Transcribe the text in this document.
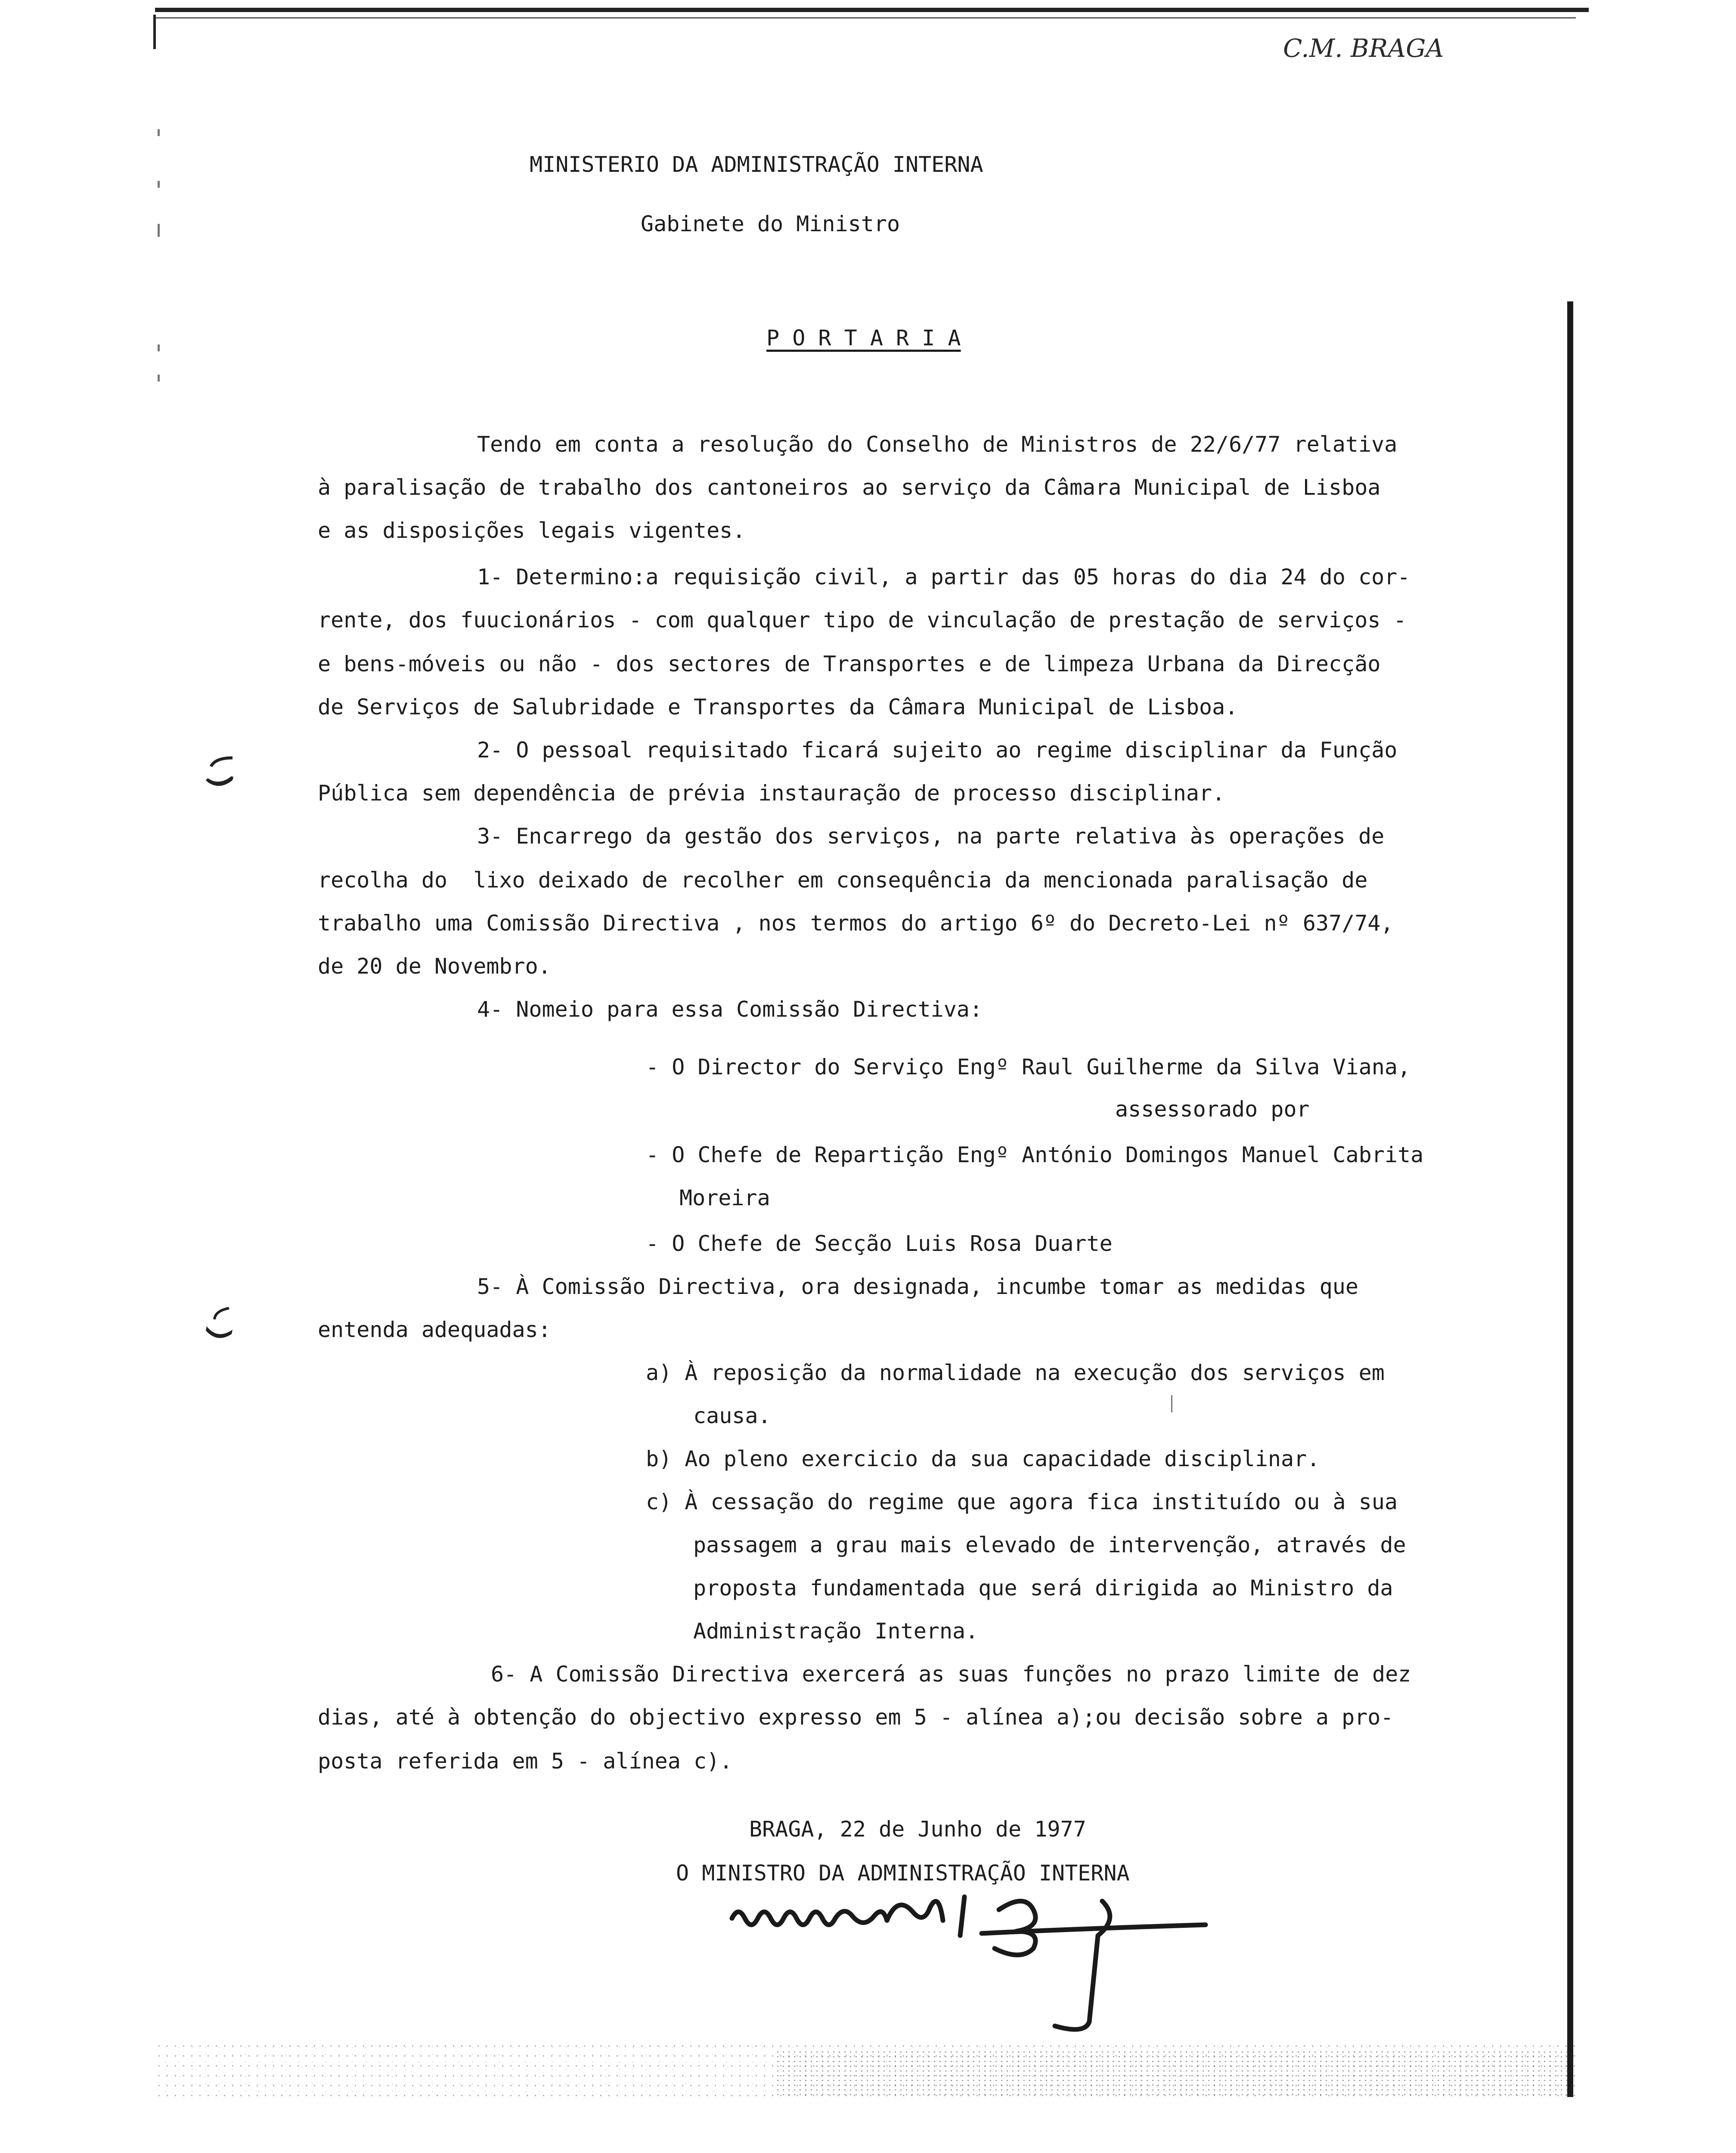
C.M. BRAGA
MINISTERIO DA ADMINISTRAÇÃO INTERNA
Gabinete do Ministro
P O R T A R I A
Tendo em conta a resolução do Conselho de Ministros de 22/6/77 relativa
à paralisação de trabalho dos cantoneiros ao serviço da Câmara Municipal de Lisboa
e as disposições legais vigentes.
1- Determino:a requisição civil, a partir das 05 horas do dia 24 do cor-
rente, dos fuucionários - com qualquer tipo de vinculação de prestação de serviços -
e bens-móveis ou não - dos sectores de Transportes e de limpeza Urbana da Direcção
de Serviços de Salubridade e Transportes da Câmara Municipal de Lisboa.
2- O pessoal requisitado ficará sujeito ao regime disciplinar da Função
Pública sem dependência de prévia instauração de processo disciplinar.
3- Encarrego da gestão dos serviços, na parte relativa às operações de
recolha do  lixo deixado de recolher em consequência da mencionada paralisação de
trabalho uma Comissão Directiva , nos termos do artigo 6º do Decreto-Lei nº 637/74,
de 20 de Novembro.
4- Nomeio para essa Comissão Directiva:
- O Director do Serviço Engº Raul Guilherme da Silva Viana,
assessorado por
- O Chefe de Repartição Engº António Domingos Manuel Cabrita
Moreira
- O Chefe de Secção Luis Rosa Duarte
5- À Comissão Directiva, ora designada, incumbe tomar as medidas que
entenda adequadas:
a) À reposição da normalidade na execução dos serviços em
causa.
b) Ao pleno exercicio da sua capacidade disciplinar.
c) À cessação do regime que agora fica instituído ou à sua
passagem a grau mais elevado de intervenção, através de
proposta fundamentada que será dirigida ao Ministro da
Administração Interna.
6- A Comissão Directiva exercerá as suas funções no prazo limite de dez
dias, até à obtenção do objectivo expresso em 5 - alínea a);ou decisão sobre a pro-
posta referida em 5 - alínea c).
BRAGA, 22 de Junho de 1977
O MINISTRO DA ADMINISTRAÇÃO INTERNA
